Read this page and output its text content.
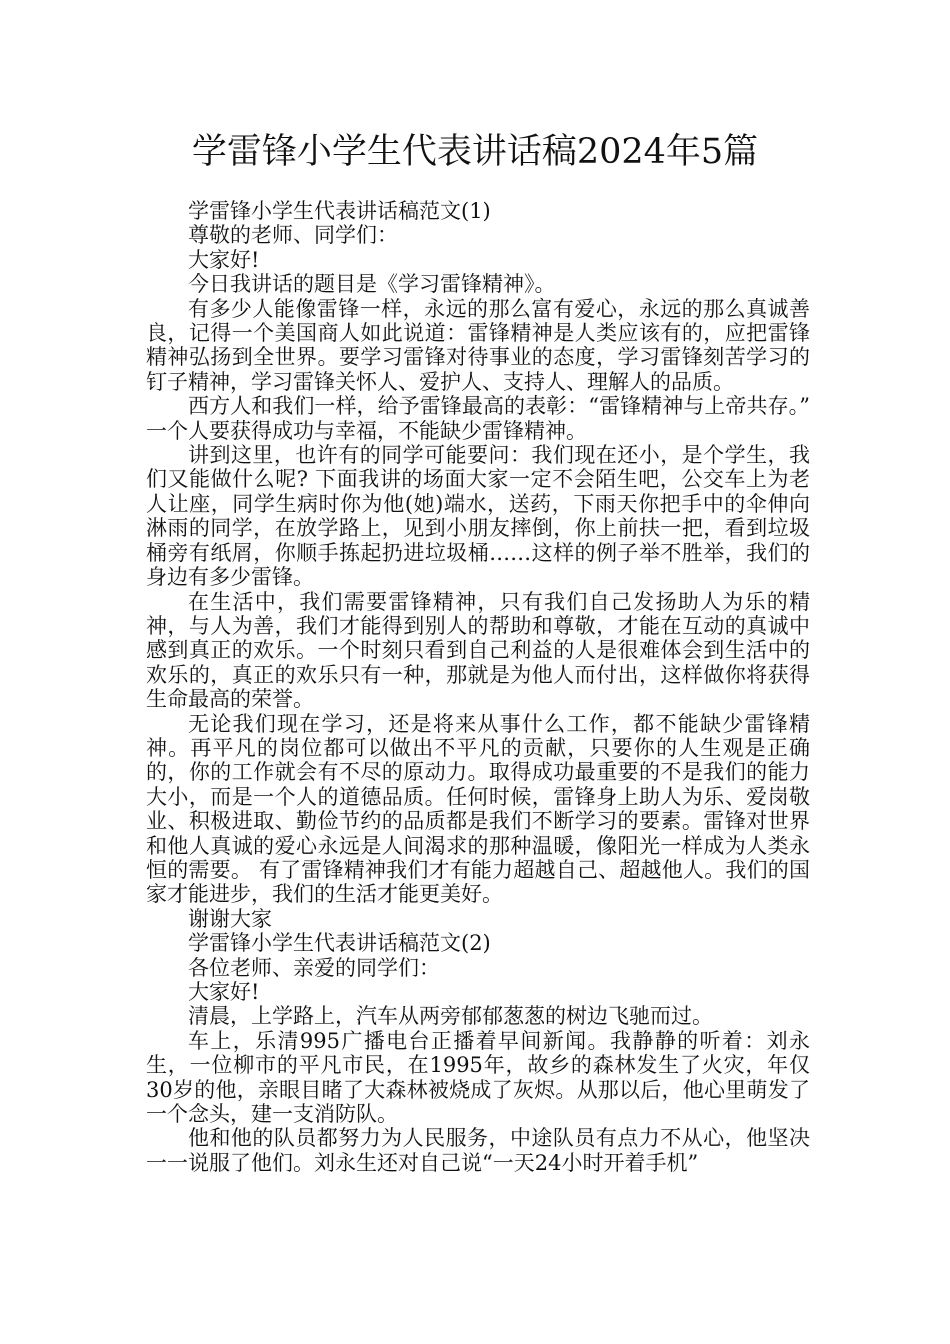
学雷锋小学生代表讲话稿2024年5篇

学雷锋小学生代表讲话稿范文(1)

尊敬的老师、同学们：

大家好!

今日我讲话的题目是《学习雷锋精神》。

有多少人能像雷锋一样，永远的那么富有爱心，永远的那么真诚善良，记得一个美国商人如此说道：雷锋精神是人类应该有的，应把雷锋精神弘扬到全世界。要学习雷锋对待事业的态度，学习雷锋刻苦学习的钉子精神，学习雷锋关怀人、爱护人、支持人、理解人的品质。

西方人和我们一样，给予雷锋最高的表彰：“雷锋精神与上帝共存。” 一个人要获得成功与幸福，不能缺少雷锋精神。

讲到这里，也许有的同学可能要问：我们现在还小，是个学生，我们又能做什么呢? 下面我讲的场面大家一定不会陌生吧，公交车上为老人让座，同学生病时你为他(她)端水，送药，下雨天你把手中的伞伸向淋雨的同学，在放学路上，见到小朋友摔倒，你上前扶一把，看到垃圾桶旁有纸屑，你顺手拣起扔进垃圾桶……这样的例子举不胜举，我们的身边有多少雷锋。

在生活中，我们需要雷锋精神，只有我们自己发扬助人为乐的精神，与人为善，我们才能得到别人的帮助和尊敬，才能在互动的真诚中感到真正的欢乐。一个时刻只看到自己利益的人是很难体会到生活中的欢乐的，真正的欢乐只有一种，那就是为他人而付出，这样做你将获得生命最高的荣誉。

无论我们现在学习，还是将来从事什么工作，都不能缺少雷锋精神。再平凡的岗位都可以做出不平凡的贡献，只要你的人生观是正确的，你的工作就会有不尽的原动力。取得成功最重要的不是我们的能力大小，而是一个人的道德品质。任何时候，雷锋身上助人为乐、爱岗敬业、积极进取、勤俭节约的品质都是我们不断学习的要素。雷锋对世界和他人真诚的爱心永远是人间渴求的那种温暖，像阳光一样成为人类永恒的需要。 有了雷锋精神我们才有能力超越自己、超越他人。我们的国家才能进步，我们的生活才能更美好。

谢谢大家

学雷锋小学生代表讲话稿范文(2)

各位老师、亲爱的同学们：

大家好!

清晨，上学路上，汽车从两旁郁郁葱葱的树边飞驰而过。

车上，乐清995广播电台正播着早间新闻。我静静的听着：刘永生，一位柳市的平凡市民，在1995年，故乡的森林发生了火灾，年仅30岁的他，亲眼目睹了大森林被烧成了灰烬。从那以后，他心里萌发了一个念头，建一支消防队。

他和他的队员都努力为人民服务，中途队员有点力不从心，他坚决一一说服了他们。刘永生还对自己说“一天24小时开着手机”
